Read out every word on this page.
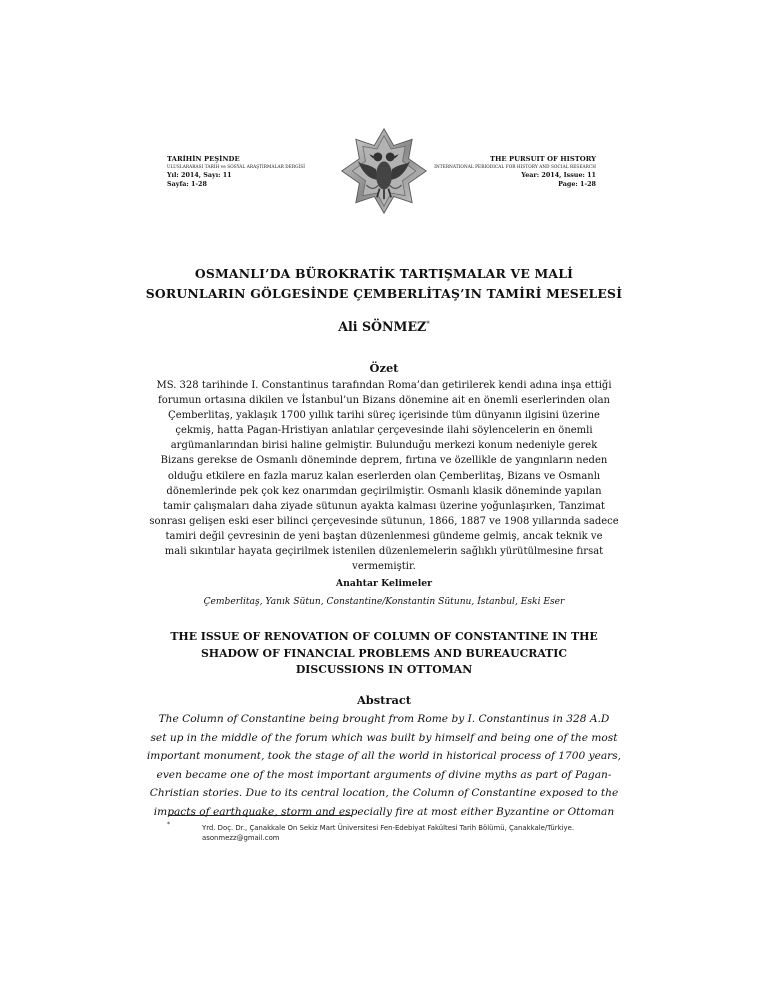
TARİHİN PEŞİNDE
ULUSLARARASI TARİH ve SOSYAL ARAŞTIRMALAR DERGİSİ
Yıl: 2014, Sayı: 11
Sayfa: 1-28
THE PURSUIT OF HISTORY
INTERNATIONAL PERIODICAL FOR HISTORY AND SOCIAL RESEARCH
Year: 2014, Issue: 11
Page: 1-28
OSMANLI’DA BÜROKRATİK TARTIŞMALAR VE MALİ
SORUNLARIN GÖLGESİNDE ÇEMBERLİTAŞ’IN TAMİRİ MESELESİ
Ali SÖNMEZ*
Özet
MS. 328 tarihinde I. Constantinus tarafından Roma’dan getirilerek kendi adına inşa ettiği
forumun ortasına dikilen ve İstanbul’un Bizans dönemine ait en önemli eserlerinden olan
Çemberlitaş, yaklaşık 1700 yıllık tarihi süreç içerisinde tüm dünyanın ilgisini üzerine
çekmiş, hatta Pagan-Hristiyan anlatılar çerçevesinde ilahi söylencelerin en önemli
argümanlarından birisi haline gelmiştir. Bulunduğu merkezi konum nedeniyle gerek
Bizans gerekse de Osmanlı döneminde deprem, fırtına ve özellikle de yangınların neden
olduğu etkilere en fazla maruz kalan eserlerden olan Çemberlitaş, Bizans ve Osmanlı
dönemlerinde pek çok kez onarımdan geçirilmiştir. Osmanlı klasik döneminde yapılan
tamir çalışmaları daha ziyade sütunun ayakta kalması üzerine yoğunlaşırken, Tanzimat
sonrası gelişen eski eser bilinci çerçevesinde sütunun, 1866, 1887 ve 1908 yıllarında sadece
tamiri değil çevresinin de yeni baştan düzenlenmesi gündeme gelmiş, ancak teknik ve
mali sıkıntılar hayata geçirilmek istenilen düzenlemelerin sağlıklı yürütülmesine fırsat
vermemiştir.
Anahtar Kelimeler
Çemberlitaş, Yanık Sütun, Constantine/Konstantin Sütunu, İstanbul, Eski Eser
THE ISSUE OF RENOVATION OF COLUMN OF CONSTANTINE IN THE
SHADOW OF FINANCIAL PROBLEMS AND BUREAUCRATIC
DISCUSSIONS IN OTTOMAN
Abstract
The Column of Constantine being brought from Rome by I. Constantinus in 328 A.D
set up in the middle of the forum which was built by himself and being one of the most
important monument, took the stage of all the world in historical process of 1700 years,
even became one of the most important arguments of divine myths as part of Pagan-
Christian stories. Due to its central location, the Column of Constantine exposed to the
impacts of earthquake, storm and especially fire at most either Byzantine or Ottoman
*	Yrd. Doç. Dr., Çanakkale On Sekiz Mart Üniversitesi Fen-Edebiyat Fakültesi Tarih Bölümü, Çanakkale/Türkiye.
asonmezz@gmail.com
